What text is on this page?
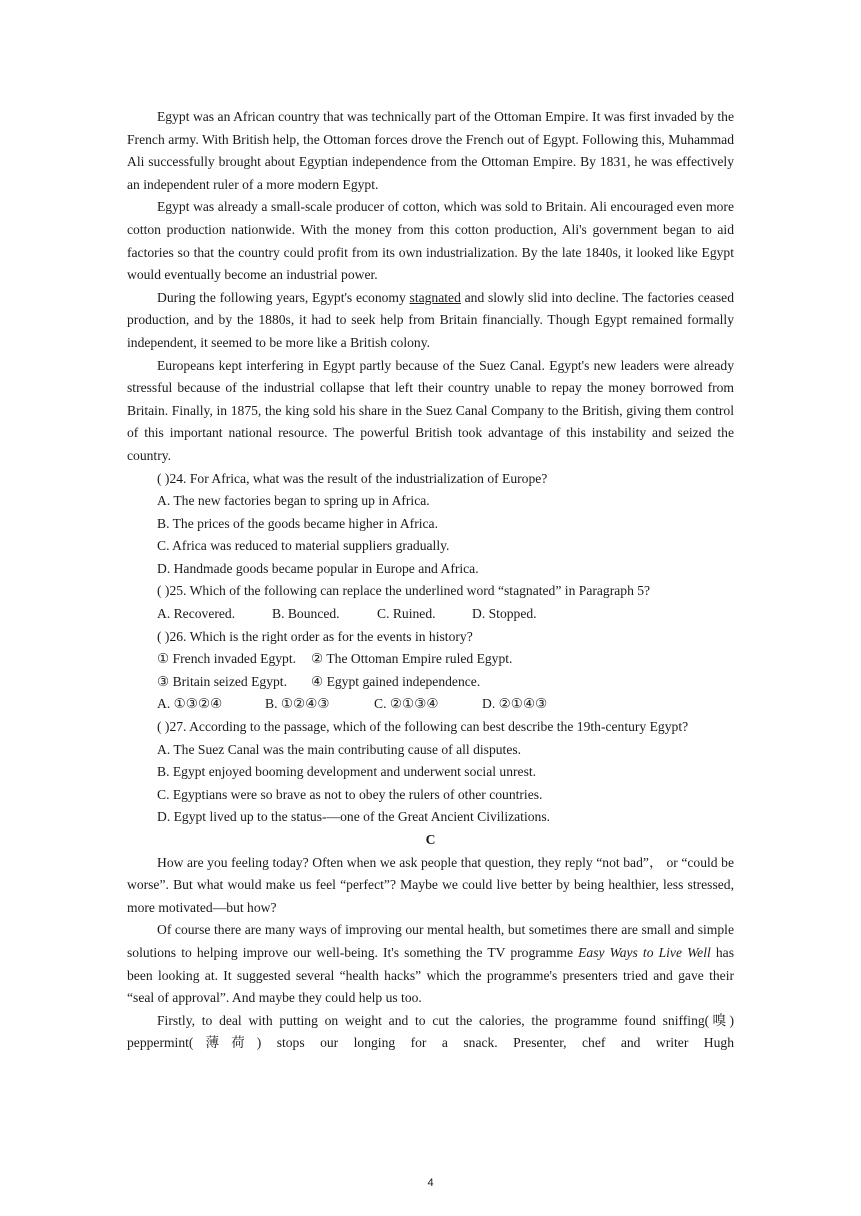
Egypt was an African country that was technically part of the Ottoman Empire. It was first invaded by the French army. With British help, the Ottoman forces drove the French out of Egypt. Following this, Muhammad Ali successfully brought about Egyptian independence from the Ottoman Empire. By 1831, he was effectively an independent ruler of a more modern Egypt.

Egypt was already a small-scale producer of cotton, which was sold to Britain. Ali encouraged even more cotton production nationwide. With the money from this cotton production, Ali's government began to aid factories so that the country could profit from its own industrialization. By the late 1840s, it looked like Egypt would eventually become an industrial power.

During the following years, Egypt's economy stagnated and slowly slid into decline. The factories ceased production, and by the 1880s, it had to seek help from Britain financially. Though Egypt remained formally independent, it seemed to be more like a British colony.

Europeans kept interfering in Egypt partly because of the Suez Canal. Egypt's new leaders were already stressful because of the industrial collapse that left their country unable to repay the money borrowed from Britain. Finally, in 1875, the king sold his share in the Suez Canal Company to the British, giving them control of this important national resource. The powerful British took advantage of this instability and seized the country.

( )24. For Africa, what was the result of the industrialization of Europe?

A. The new factories began to spring up in Africa.

B. The prices of the goods became higher in Africa.

C. Africa was reduced to material suppliers gradually.

D. Handmade goods became popular in Europe and Africa.

( )25. Which of the following can replace the underlined word “stagnated” in Paragraph 5?

A. Recovered.	B. Bounced.	C. Ruined.	D. Stopped.

( )26. Which is the right order as for the events in history?

① French invaded Egypt. ② The Ottoman Empire ruled Egypt.

③ Britain seized Egypt. ④ Egypt gained independence.

A. ①③②④	B. ①②④③	C. ②①③④	D. ②①④③

( )27. According to the passage, which of the following can best describe the 19th-century Egypt?

A. The Suez Canal was the main contributing cause of all disputes.

B. Egypt enjoyed booming development and underwent social unrest.

C. Egyptians were so brave as not to obey the rulers of other countries.

D. Egypt lived up to the status-—one of the Great Ancient Civilizations.

C

How are you feeling today? Often when we ask people that question, they reply “not bad”， or “could be worse”. But what would make us feel “perfect”? Maybe we could live better by being healthier, less stressed, more motivated—but how?

Of course there are many ways of improving our mental health, but sometimes there are small and simple solutions to helping improve our well-being. It's something the TV programme Easy Ways to Live Well has been looking at. It suggested several “health hacks” which the programme's presenters tried and gave their “seal of approval”. And maybe they could help us too.

Firstly, to deal with putting on weight and to cut the calories, the programme found sniffing(嗅) peppermint(薄荷) stops our longing for a snack. Presenter, chef and writer Hugh

4
